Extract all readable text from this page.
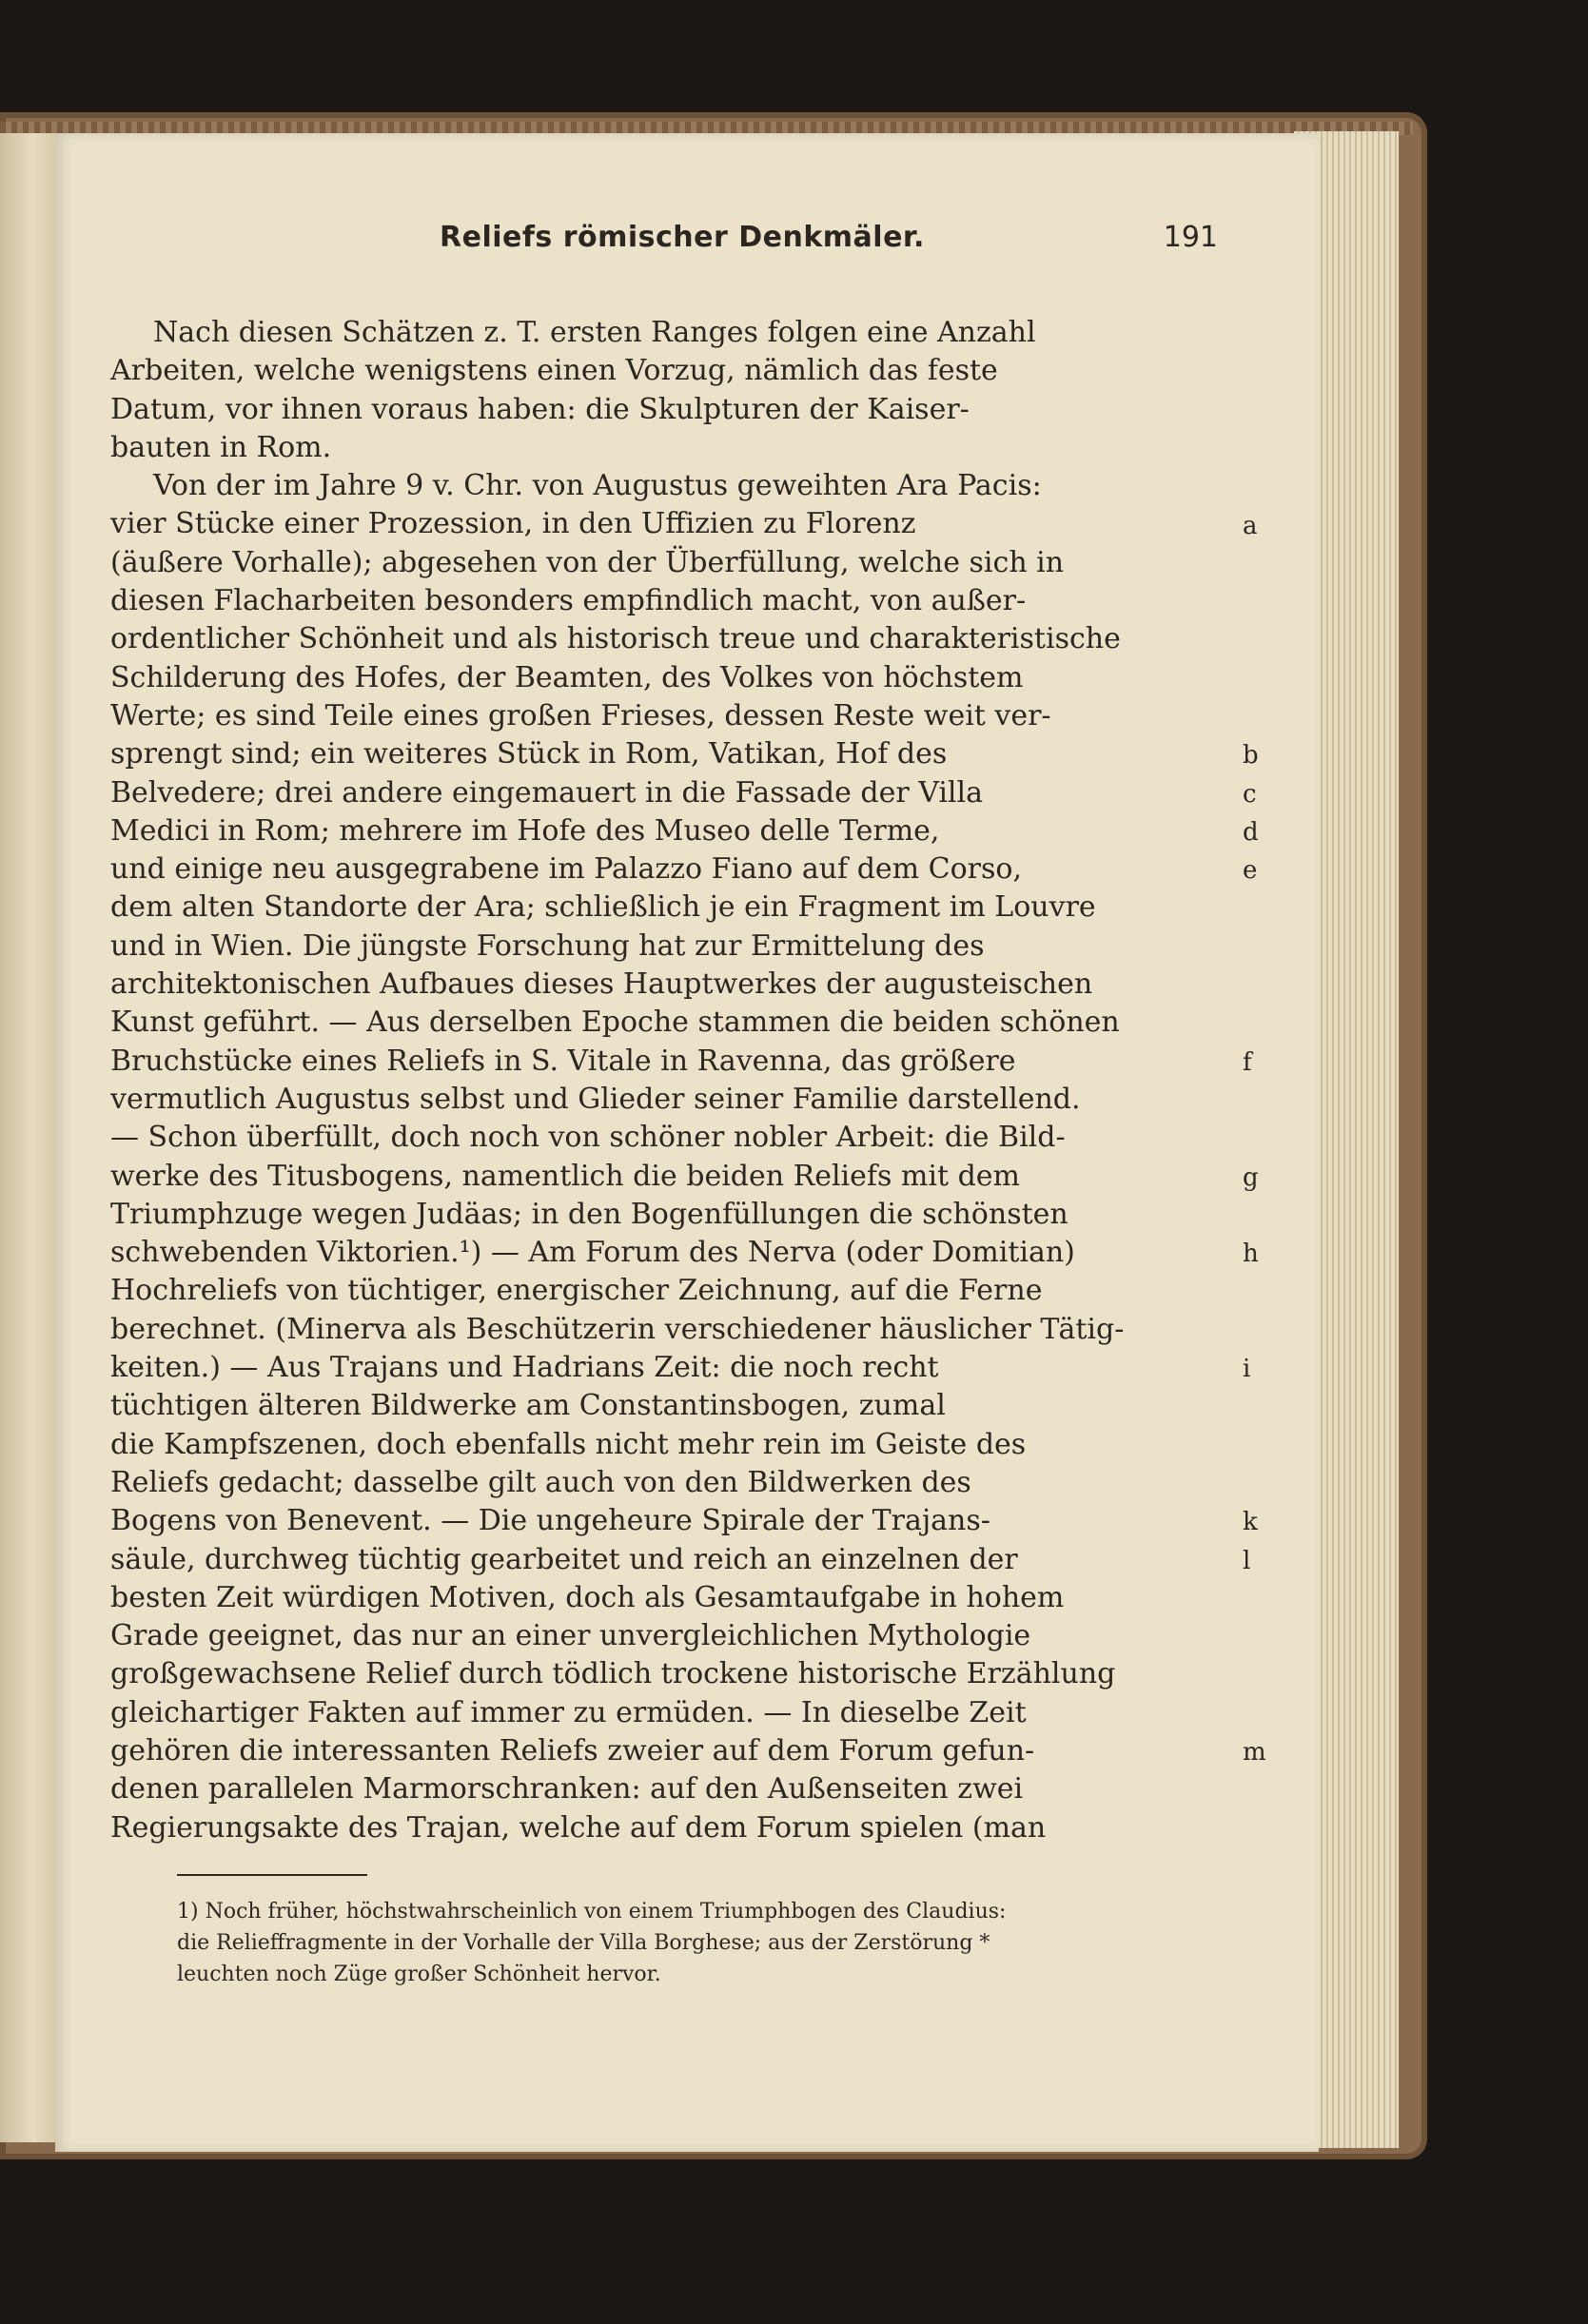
Reliefs römischer Denkmäler.	191
Nach diesen Schätzen z. T. ersten Ranges folgen eine Anzahl
Arbeiten, welche wenigstens einen Vorzug, nämlich das feste
Datum, vor ihnen voraus haben: die Skulpturen der Kaiser-
bauten in Rom.
Von der im Jahre 9 v. Chr. von Augustus geweihten Ara Pacis:
vier Stücke einer Prozession, in den Uffizien zu Florenz
(äußere Vorhalle); abgesehen von der Überfüllung, welche sich in
diesen Flacharbeiten besonders empfindlich macht, von außer-
ordentlicher Schönheit und als historisch treue und charakteristische
Schilderung des Hofes, der Beamten, des Volkes von höchstem
Werte; es sind Teile eines großen Frieses, dessen Reste weit ver-
sprengt sind; ein weiteres Stück in Rom, Vatikan, Hof des
Belvedere; drei andere eingemauert in die Fassade der Villa
Medici in Rom; mehrere im Hofe des Museo delle Terme,
und einige neu ausgegrabene im Palazzo Fiano auf dem Corso,
dem alten Standorte der Ara; schließlich je ein Fragment im Louvre
und in Wien. Die jüngste Forschung hat zur Ermittelung des
architektonischen Aufbaues dieses Hauptwerkes der augusteischen
Kunst geführt. — Aus derselben Epoche stammen die beiden schönen
Bruchstücke eines Reliefs in S. Vitale in Ravenna, das größere
vermutlich Augustus selbst und Glieder seiner Familie darstellend.
— Schon überfüllt, doch noch von schöner nobler Arbeit: die Bild-
werke des Titusbogens, namentlich die beiden Reliefs mit dem
Triumphzuge wegen Judäas; in den Bogenfüllungen die schönsten
schwebenden Viktorien.¹) — Am Forum des Nerva (oder Domitian)
Hochreliefs von tüchtiger, energischer Zeichnung, auf die Ferne
berechnet. (Minerva als Beschützerin verschiedener häuslicher Tätig-
keiten.) — Aus Trajans und Hadrians Zeit: die noch recht
tüchtigen älteren Bildwerke am Constantinsbogen, zumal
die Kampfszenen, doch ebenfalls nicht mehr rein im Geiste des
Reliefs gedacht; dasselbe gilt auch von den Bildwerken des
Bogens von Benevent. — Die ungeheure Spirale der Trajans-
säule, durchweg tüchtig gearbeitet und reich an einzelnen der
besten Zeit würdigen Motiven, doch als Gesamtaufgabe in hohem
Grade geeignet, das nur an einer unvergleichlichen Mythologie
großgewachsene Relief durch tödlich trockene historische Erzählung
gleichartiger Fakten auf immer zu ermüden. — In dieselbe Zeit
gehören die interessanten Reliefs zweier auf dem Forum gefun-
denen parallelen Marmorschranken: auf den Außenseiten zwei
Regierungsakte des Trajan, welche auf dem Forum spielen (man
a
b
c
d
e
f
g
h
i
k
l
m
1) Noch früher, höchstwahrscheinlich von einem Triumphbogen des Claudius:
die Relieffragmente in der Vorhalle der Villa Borghese; aus der Zerstörung *
leuchten noch Züge großer Schönheit hervor.
